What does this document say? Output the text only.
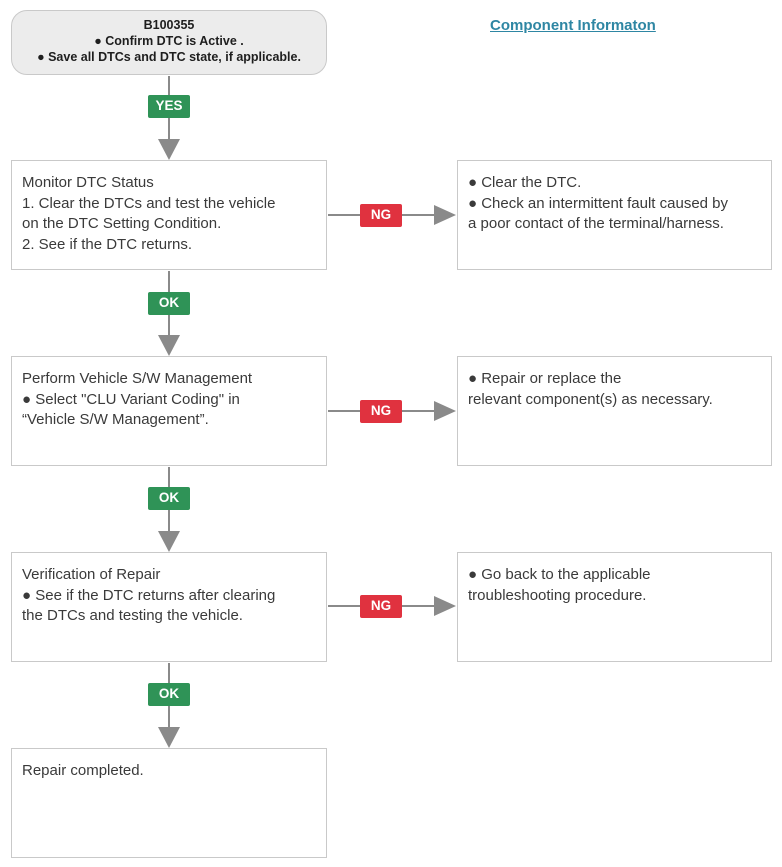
B100355
● Confirm DTC is Active .
● Save all DTCs and DTC state, if applicable.
Component Informaton
YES
OK
OK
OK
NG
NG
NG
Monitor DTC Status
1. Clear the DTCs and test the vehicle
on the DTC Setting Condition.
2. See if the DTC returns.
● Clear the DTC.
● Check an intermittent fault caused by
a poor contact of the terminal/harness.
Perform Vehicle S/W Management
● Select "CLU Variant Coding" in
“Vehicle S/W Management”.
● Repair or replace the
relevant component(s) as necessary.
Verification of Repair
● See if the DTC returns after clearing
the DTCs and testing the vehicle.
● Go back to the applicable
troubleshooting procedure.
Repair completed.
